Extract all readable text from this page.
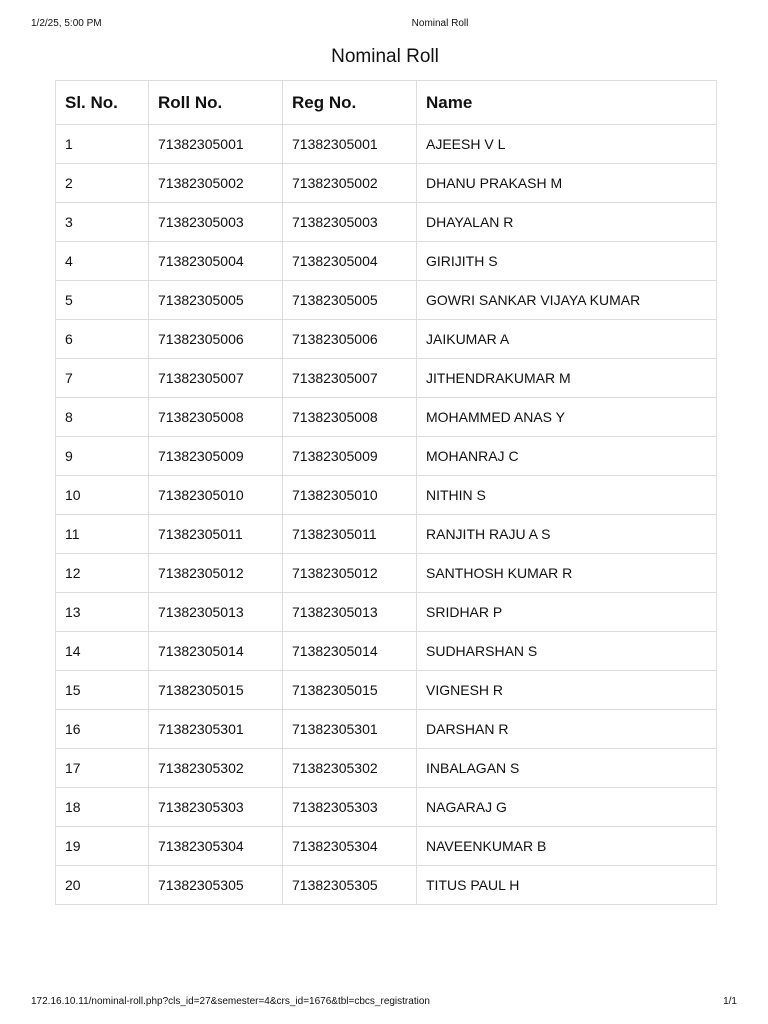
1/2/25, 5:00 PM	Nominal Roll
Nominal Roll
Sl. No.	Roll No.	Reg No.	Name
1	71382305001	71382305001	AJEESH V L
2	71382305002	71382305002	DHANU PRAKASH M
3	71382305003	71382305003	DHAYALAN R
4	71382305004	71382305004	GIRIJITH S
5	71382305005	71382305005	GOWRI SANKAR VIJAYA KUMAR
6	71382305006	71382305006	JAIKUMAR A
7	71382305007	71382305007	JITHENDRAKUMAR M
8	71382305008	71382305008	MOHAMMED ANAS Y
9	71382305009	71382305009	MOHANRAJ C
10	71382305010	71382305010	NITHIN S
11	71382305011	71382305011	RANJITH RAJU A S
12	71382305012	71382305012	SANTHOSH KUMAR R
13	71382305013	71382305013	SRIDHAR P
14	71382305014	71382305014	SUDHARSHAN S
15	71382305015	71382305015	VIGNESH R
16	71382305301	71382305301	DARSHAN R
17	71382305302	71382305302	INBALAGAN S
18	71382305303	71382305303	NAGARAJ G
19	71382305304	71382305304	NAVEENKUMAR B
20	71382305305	71382305305	TITUS PAUL H
172.16.10.11/nominal-roll.php?cls_id=27&semester=4&crs_id=1676&tbl=cbcs_registration	1/1
